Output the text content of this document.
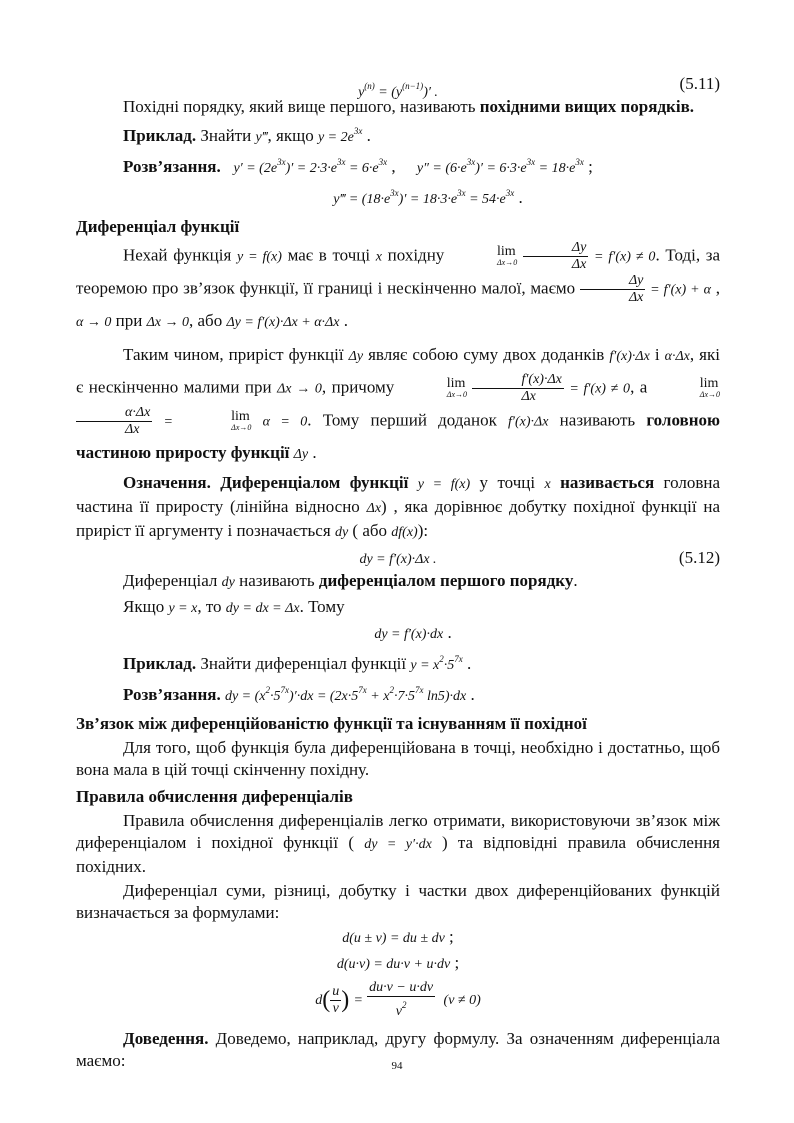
$y^{(n)} = (y^{(n-1)})'$ .	(5.11)

Похідні порядку, який вище першого, називають похідними вищих порядків.

Приклад. Знайти y‴, якщо $y = 2e^{3x}$ .

Розв’язання. $y' = (2e^{3x})' = 2\cdot 3\cdot e^{3x} = 6\cdot e^{3x}$ ,     $y'' = (6\cdot e^{3x})' = 6\cdot 3\cdot e^{3x} = 18\cdot e^{3x}$ ;

y‴ = $(18\cdot e^{3x})' = 18\cdot 3\cdot e^{3x} = 54\cdot e^{3x}$ .

Диференціал функції

Нехай функція y = f(x) має в точці x похідну	lim
Δx→0
$\frac{\Delta y}{\Delta x} = f'(x) \ne 0$. Тоді, за теоремою про зв’язок функції, її границі і нескінченно малої, маємо $\frac{\Delta y}{\Delta x} = f'(x) + \alpha$ , α → 0 при Δx → 0, або Δy = f′(x)·Δx + α·Δx .

Таким чином, приріст функції Δy являє собою суму двох доданків f′(x)·Δx і α·Δx, які є нескінченно малими при Δx → 0, причому	lim
Δx→0
$\frac{f'(x)\cdot\Delta x}{\Delta x} = f'(x) \ne 0$, а	lim
Δx→0

$\frac{\alpha\cdot\Delta x}{\Delta x}$ =	lim
Δx→0 α = 0. Тому перший доданок f′(x)·Δx називають головною частиною приросту функції Δy .

Означення. Диференціалом функції y = f(x) у точці x називається головна частина її приросту (лінійна відносно Δx) , яка дорівнює добутку похідної функції на приріст її аргументу і позначається dy ( або df(x)):

dy = f′(x)·Δx .	(5.12)

Диференціал dy називають диференціалом першого порядку.

Якщо y = x, то dy = dx = Δx. Тому

dy = f′(x)·dx .

Приклад. Знайти диференціал функції $y = x^2\cdot 5^{7x}$ .

Розв’язання. dy = $(x^2\cdot 5^{7x})'\cdot dx = (2x\cdot 5^{7x} + x^2\cdot 7\cdot 5^{7x}$ ln5)·dx .

Зв’язок між диференційованістю функції та існуванням її похідної

Для того, щоб функція була диференційована в точці, необхідно і достатньо, щоб вона мала в цій точці скінченну похідну.

Правила обчислення диференціалів

Правила обчислення диференціалів легко отримати, використовуючи зв’язок між диференціалом і похідної функції ( dy = y′·dx ) та відповідні правила обчислення похідних.

Диференціал суми, різниці, добутку і частки двох диференційованих функцій визначається за формулами:

d(u ± v) = du ± dv ;

d(u·v) = du·v + u·dv ;

$d( \frac{u}{v}$ ) = $\frac{du\cdot v - u\cdot dv}{v^2} (v \ne 0)$

Доведення. Доведемо, наприклад, другу формулу. За означенням диференціала маємо:	94
